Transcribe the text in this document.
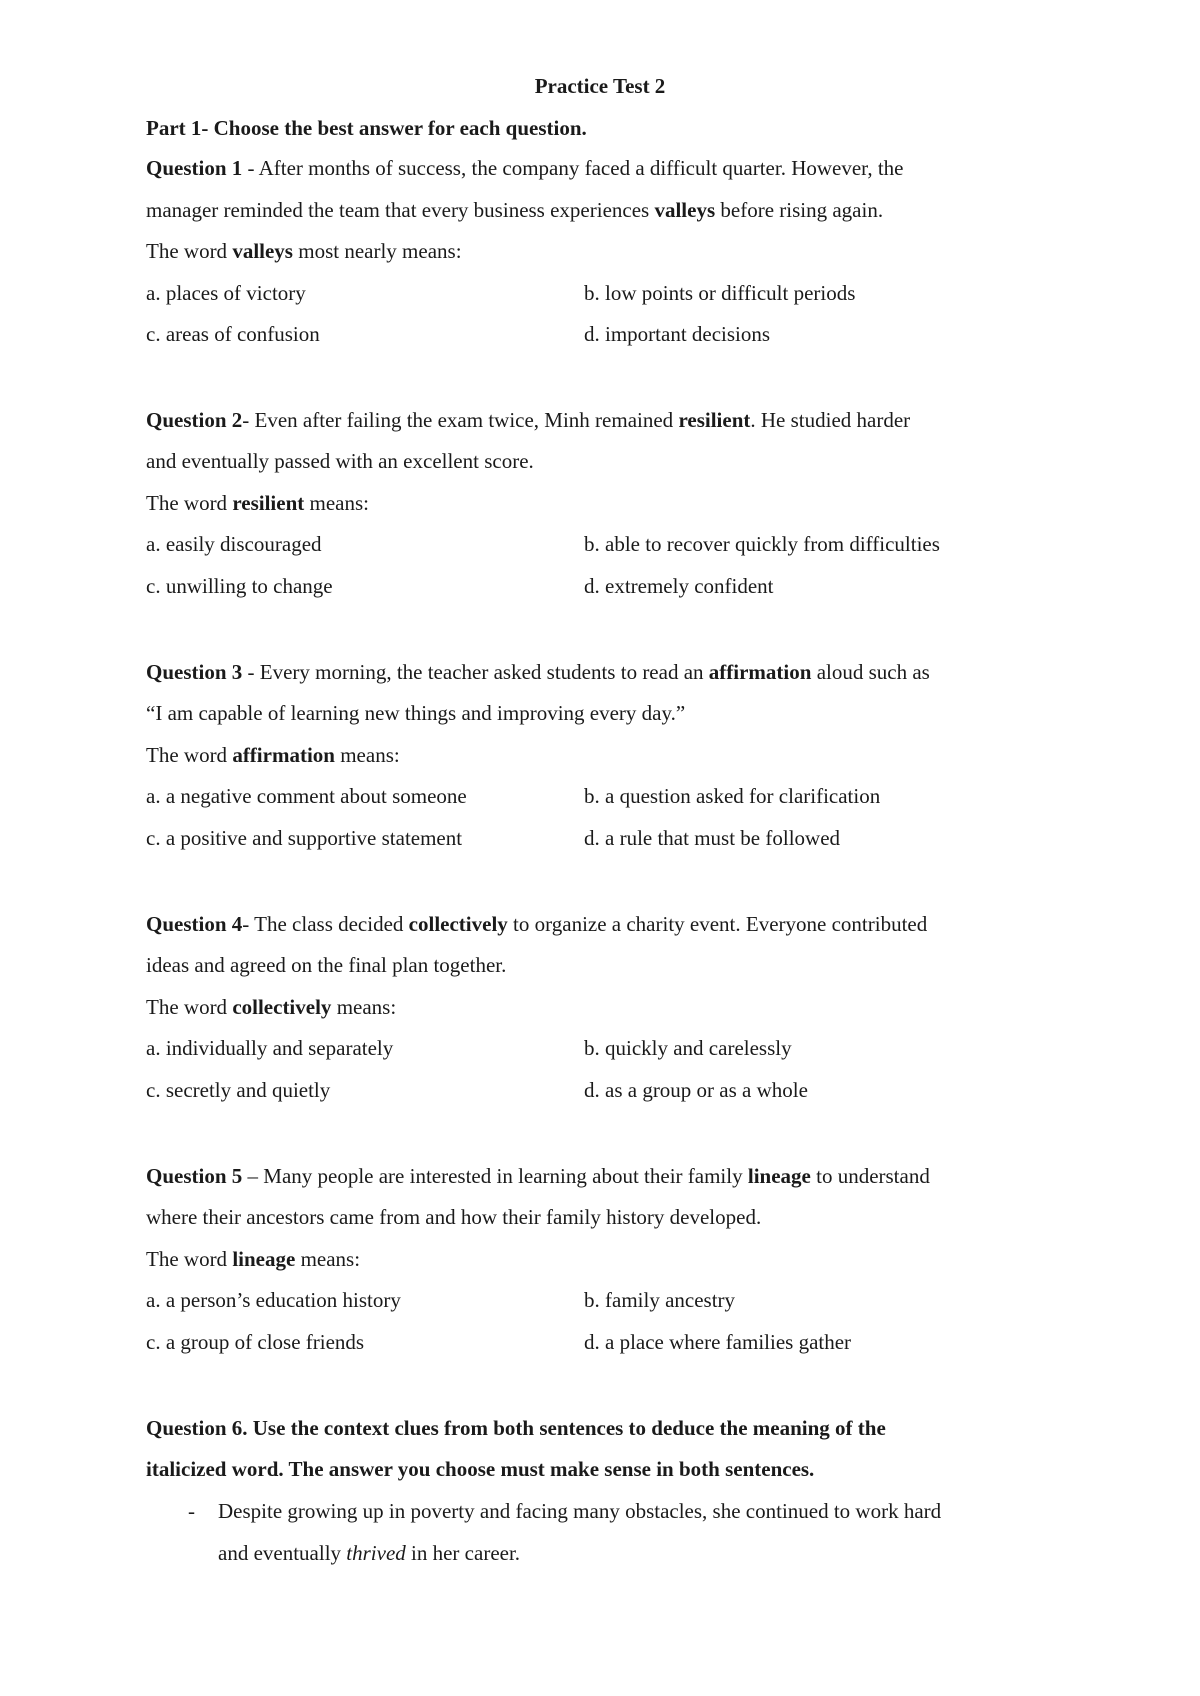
Practice Test 2
Part 1- Choose the best answer for each question.
Question 1 - After months of success, the company faced a difficult quarter. However, the
manager reminded the team that every business experiences valleys before rising again.
The word valleys most nearly means:
a. places of victory	b. low points or difficult periods
c. areas of confusion	d. important decisions
Question 2- Even after failing the exam twice, Minh remained resilient. He studied harder
and eventually passed with an excellent score.
The word resilient means:
a. easily discouraged	b. able to recover quickly from difficulties
c. unwilling to change	d. extremely confident
Question 3 - Every morning, the teacher asked students to read an affirmation aloud such as
“I am capable of learning new things and improving every day.”
The word affirmation means:
a. a negative comment about someone	b. a question asked for clarification
c. a positive and supportive statement	d. a rule that must be followed
Question 4- The class decided collectively to organize a charity event. Everyone contributed
ideas and agreed on the final plan together.
The word collectively means:
a. individually and separately	b. quickly and carelessly
c. secretly and quietly	d. as a group or as a whole
Question 5 – Many people are interested in learning about their family lineage to understand
where their ancestors came from and how their family history developed.
The word lineage means:
a. a person’s education history	b. family ancestry
c. a group of close friends	d. a place where families gather
Question 6. Use the context clues from both sentences to deduce the meaning of the
italicized word. The answer you choose must make sense in both sentences.
- Despite growing up in poverty and facing many obstacles, she continued to work hard
and eventually thrived in her career.
